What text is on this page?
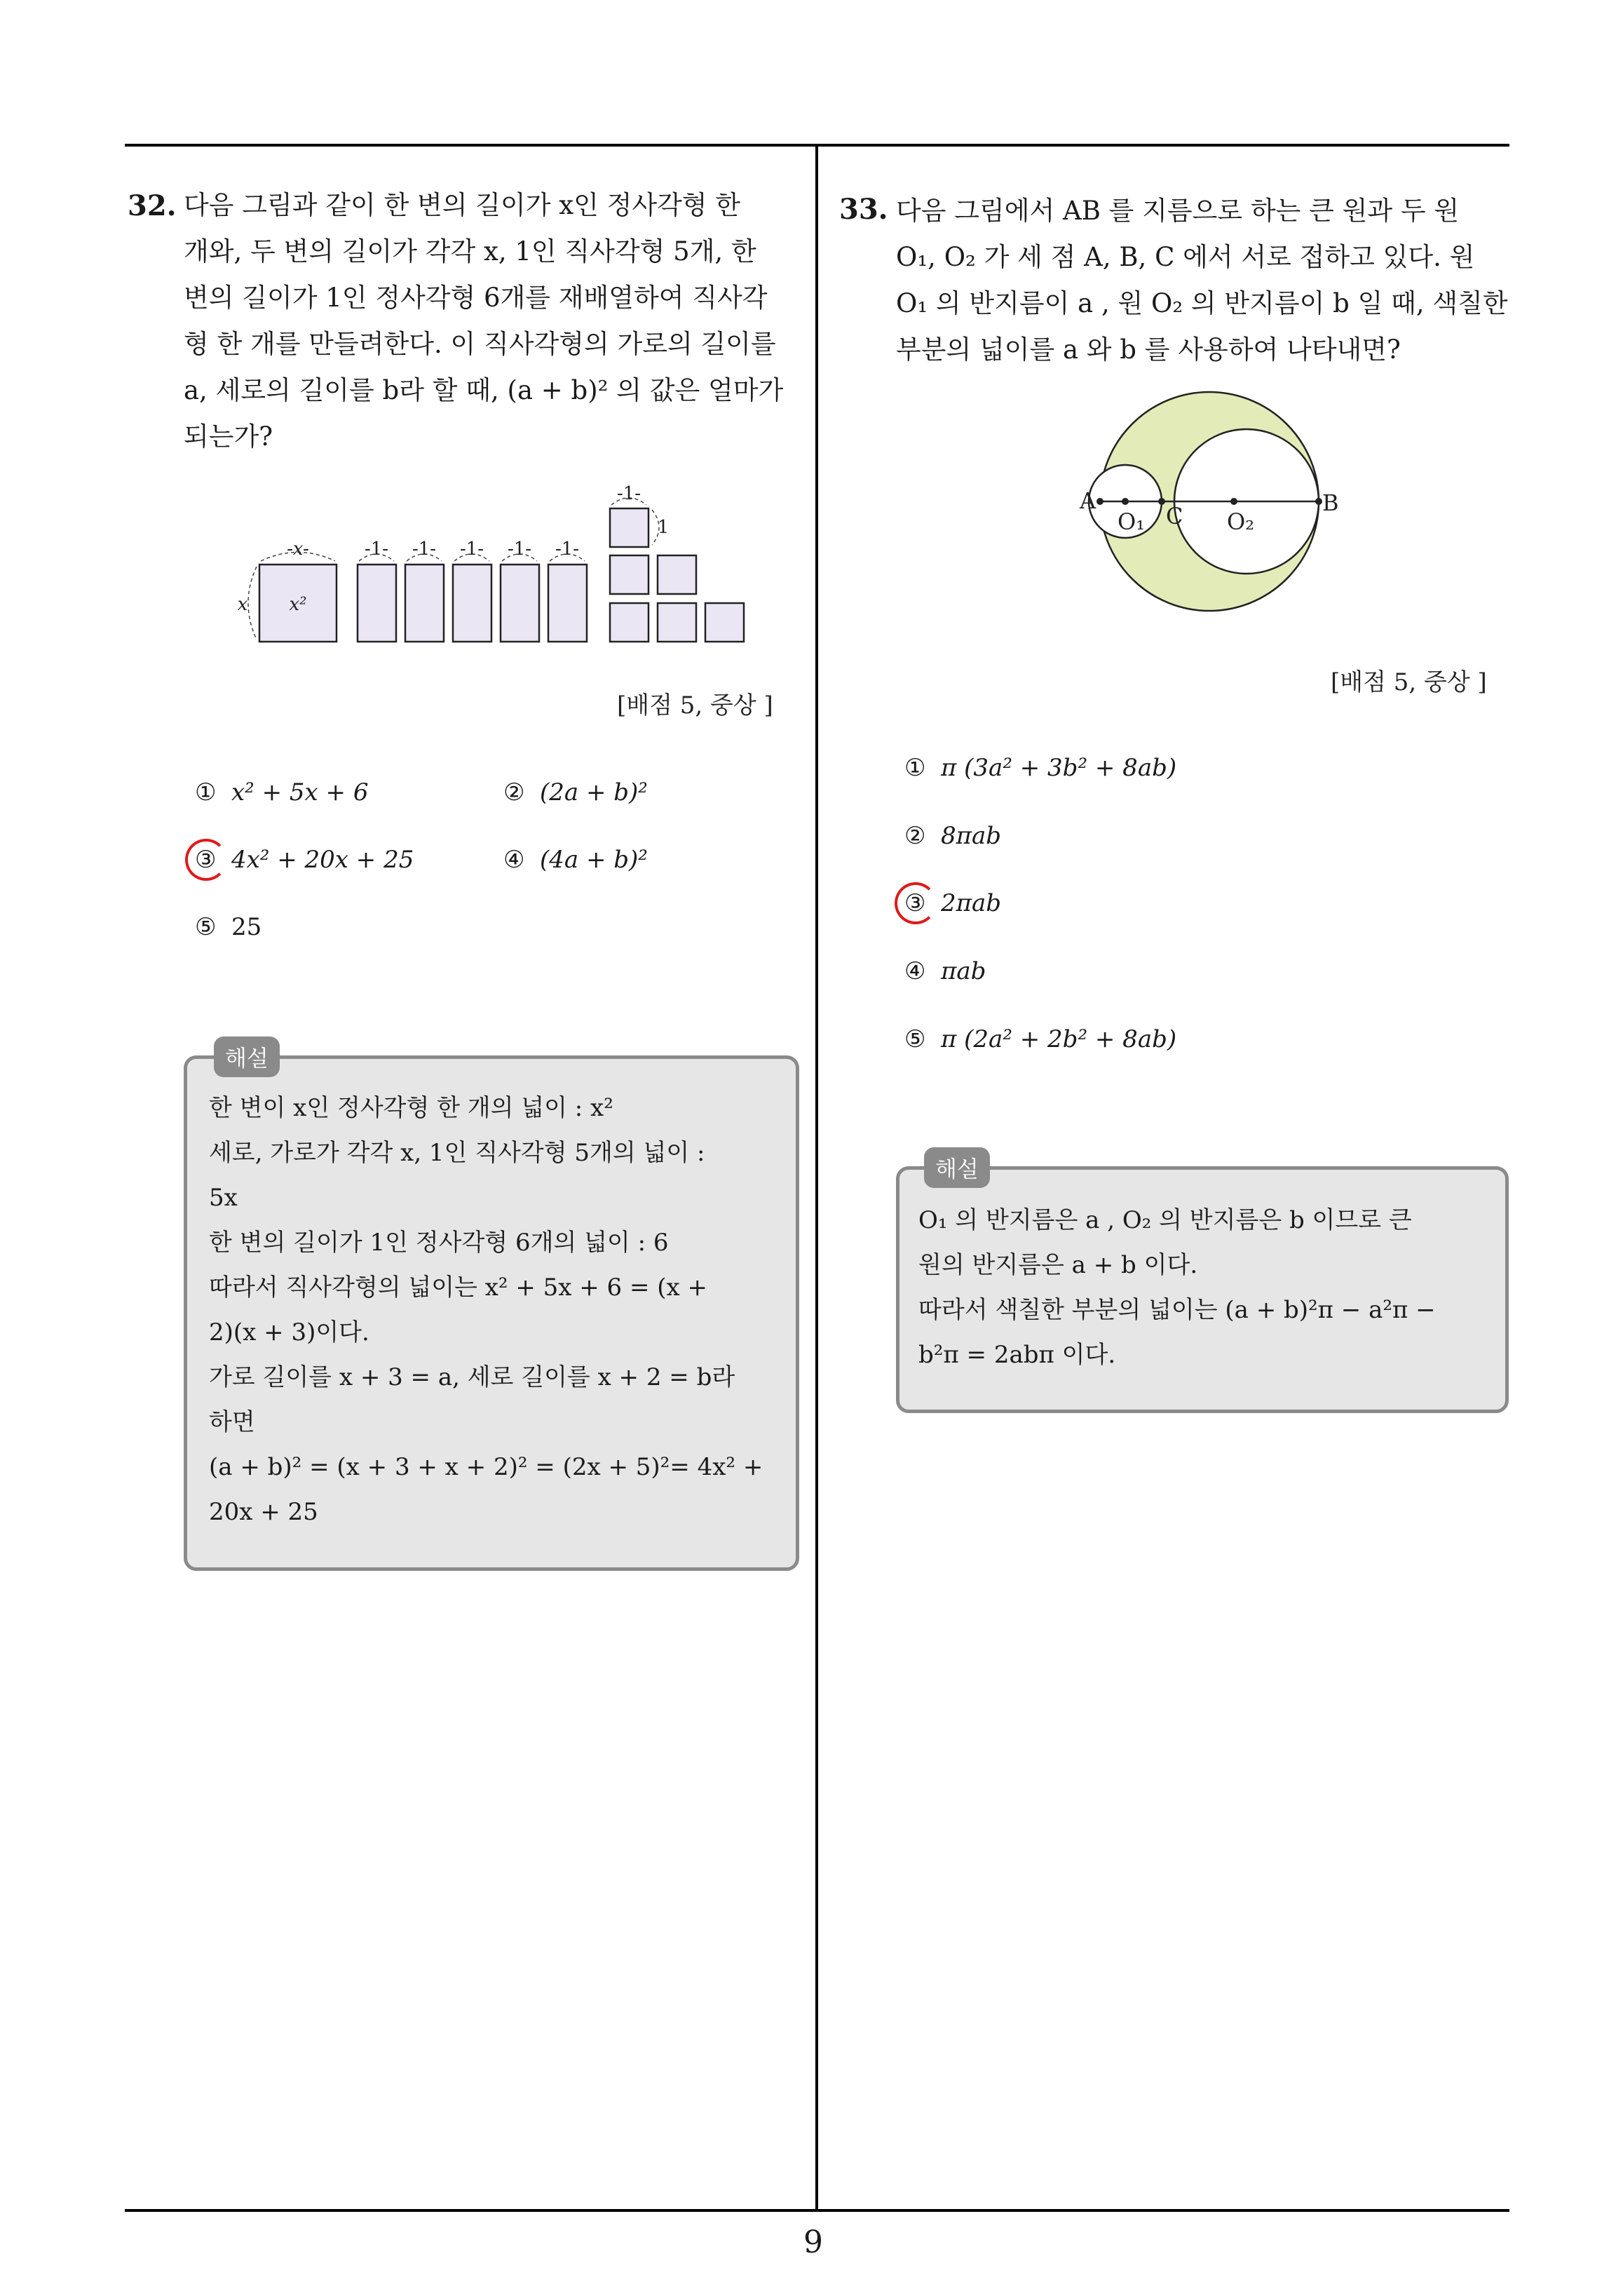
32. 다음 그림과 같이 한 변의 길이가 x인 정사각형 한
개와, 두 변의 길이가 각각 x, 1인 직사각형 5개, 한
변의 길이가 1인 정사각형 6개를 재배열하여 직사각
형 한 개를 만들려한다. 이 직사각형의 가로의 길이를
a, 세로의 길이를 b라 할 때, (a + b)² 의 값은 얼마가
되는가?
-x-
x x²
-1- -1- -1- -1- -1-
-1-
1
[배점 5, 중상 ]
① x² + 5x + 6	② (2a + b)²
③ 4x² + 20x + 25	④ (4a + b)²
⑤ 25
해설
한 변이 x인 정사각형 한 개의 넓이 : x²
세로, 가로가 각각 x, 1인 직사각형 5개의 넓이 :
5x
한 변의 길이가 1인 정사각형 6개의 넓이 : 6
따라서 직사각형의 넓이는 x² + 5x + 6 = (x +
2)(x + 3)이다.
가로 길이를 x + 3 = a, 세로 길이를 x + 2 = b라
하면
(a + b)² = (x + 3 + x + 2)² = (2x + 5)²= 4x² +
20x + 25
33. 다음 그림에서 AB 를 지름으로 하는 큰 원과 두 원
O₁, O₂ 가 세 점 A, B, C 에서 서로 접하고 있다. 원
O₁ 의 반지름이 a , 원 O₂ 의 반지름이 b 일 때, 색칠한
부분의 넓이를 a 와 b 를 사용하여 나타내면?
A	B
C
O₁	O₂
[배점 5, 중상 ]
① π (3a² + 3b² + 8ab)
② 8πab
③ 2πab
④ πab
⑤ π (2a² + 2b² + 8ab)
해설
O₁ 의 반지름은 a , O₂ 의 반지름은 b 이므로 큰
원의 반지름은 a + b 이다.
따라서 색칠한 부분의 넓이는 (a + b)²π − a²π −
b²π = 2abπ 이다.
9
